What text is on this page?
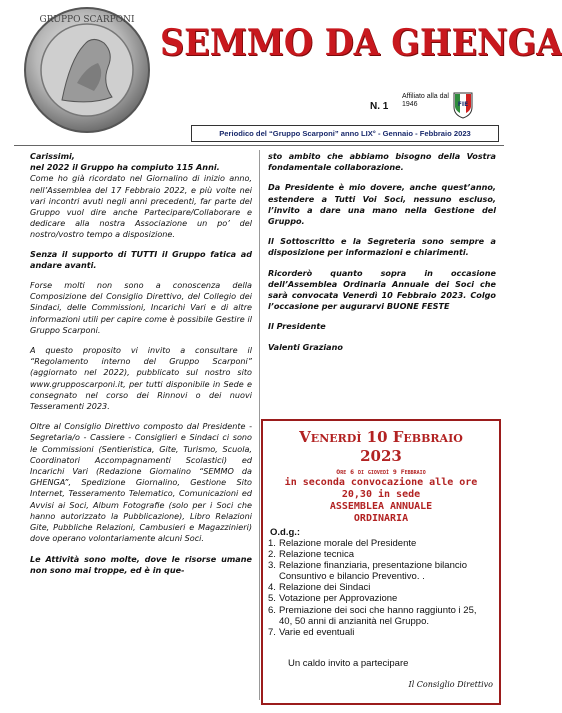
GRUPPO SCARPONI
SEMMO DA GHENGA
N. 1
Affiliato alla dal 1946	FIE
Periodico del “Gruppo Scarponi” anno LIX° - Gennaio - Febbraio 2023

Carissimi,
nel 2022 il Gruppo ha compiuto 115 Anni.
Come ho già ricordato nel Giornalino di inizio anno, nell’Assemblea del 17 Febbraio 2022, e più volte nei vari incontri avuti negli anni precedenti, far parte del Gruppo vuol dire anche Partecipare/Collaborare e dedicare alla nostra Associazione un po’ del nostro/vostro tempo a disposizione.

Senza il supporto di TUTTI il Gruppo fatica ad andare avanti.

Forse molti non sono a conoscenza della Composizione del Consiglio Direttivo, del Collegio dei Sindaci, delle Commissioni, Incarichi Vari e di altre informazioni utili per capire come è possibile Gestire il Gruppo Scarponi.

A questo proposito vi invito a consultare il “Regolamento interno del Gruppo Scarponi” (aggiornato nel 2022), pubblicato sul nostro sito www.grupposcarponi.it, per tutti disponibile in Sede e consegnato nel corso dei Rinnovi o dei nuovi Tesseramenti 2023.

Oltre al Consiglio Direttivo composto dal Presidente - Segretaria/o - Cassiere - Consiglieri e Sindaci ci sono le Commissioni (Sentieristica, Gite, Turismo, Scuola, Coordinatori Accompagnamenti Scolastici) ed Incarichi Vari (Redazione Giornalino “SEMMO da GHENGA”, Spedizione Giornalino, Gestione Sito Internet, Tesseramento Telematico, Comunicazioni ed Avvisi ai Soci, Album Fotografie (solo per i Soci che hanno autorizzato la Pubblicazione), Libro Relazioni Gite, Pubbliche Relazioni, Cambusieri e Magazzinieri) dove operano volontariamente alcuni Soci.

Le Attività sono molte, dove le risorse umane non sono mai troppe, ed è in que-

sto ambito che abbiamo bisogno della Vostra fondamentale collaborazione.

Da Presidente è mio dovere, anche quest’anno, estendere a Tutti Voi Soci, nessuno escluso, l’invito a dare una mano nella Gestione del Gruppo.

Il Sottoscritto e la Segreteria sono sempre a disposizione per informazioni e chiarimenti.

Ricorderò quanto sopra in occasione dell’Assemblea Ordinaria Annuale dei Soci che sarà convocata Venerdì 10 Febbraio 2023. Colgo l’occasione per augurarvi BUONE FESTE

Il Presidente

Valenti Graziano

Venerdì 10 Febbraio
2023
Ore 6 di giovedì 9 Febbraio
in seconda convocazione alle ore
20,30 in sede
ASSEMBLEA ANNUALE
ORDINARIA
O.d.g.:
1. Relazione morale del Presidente
2. Relazione tecnica
3. Relazione finanziaria, presentazione bilancio Consuntivo e bilancio Preventivo. .
4. Relazione dei Sindaci
5. Votazione per Approvazione
6. Premiazione dei soci che hanno raggiunto i 25, 40, 50 anni di anzianità nel Gruppo.
7. Varie ed eventuali
Un caldo invito a partecipare
Il Consiglio Direttivo
